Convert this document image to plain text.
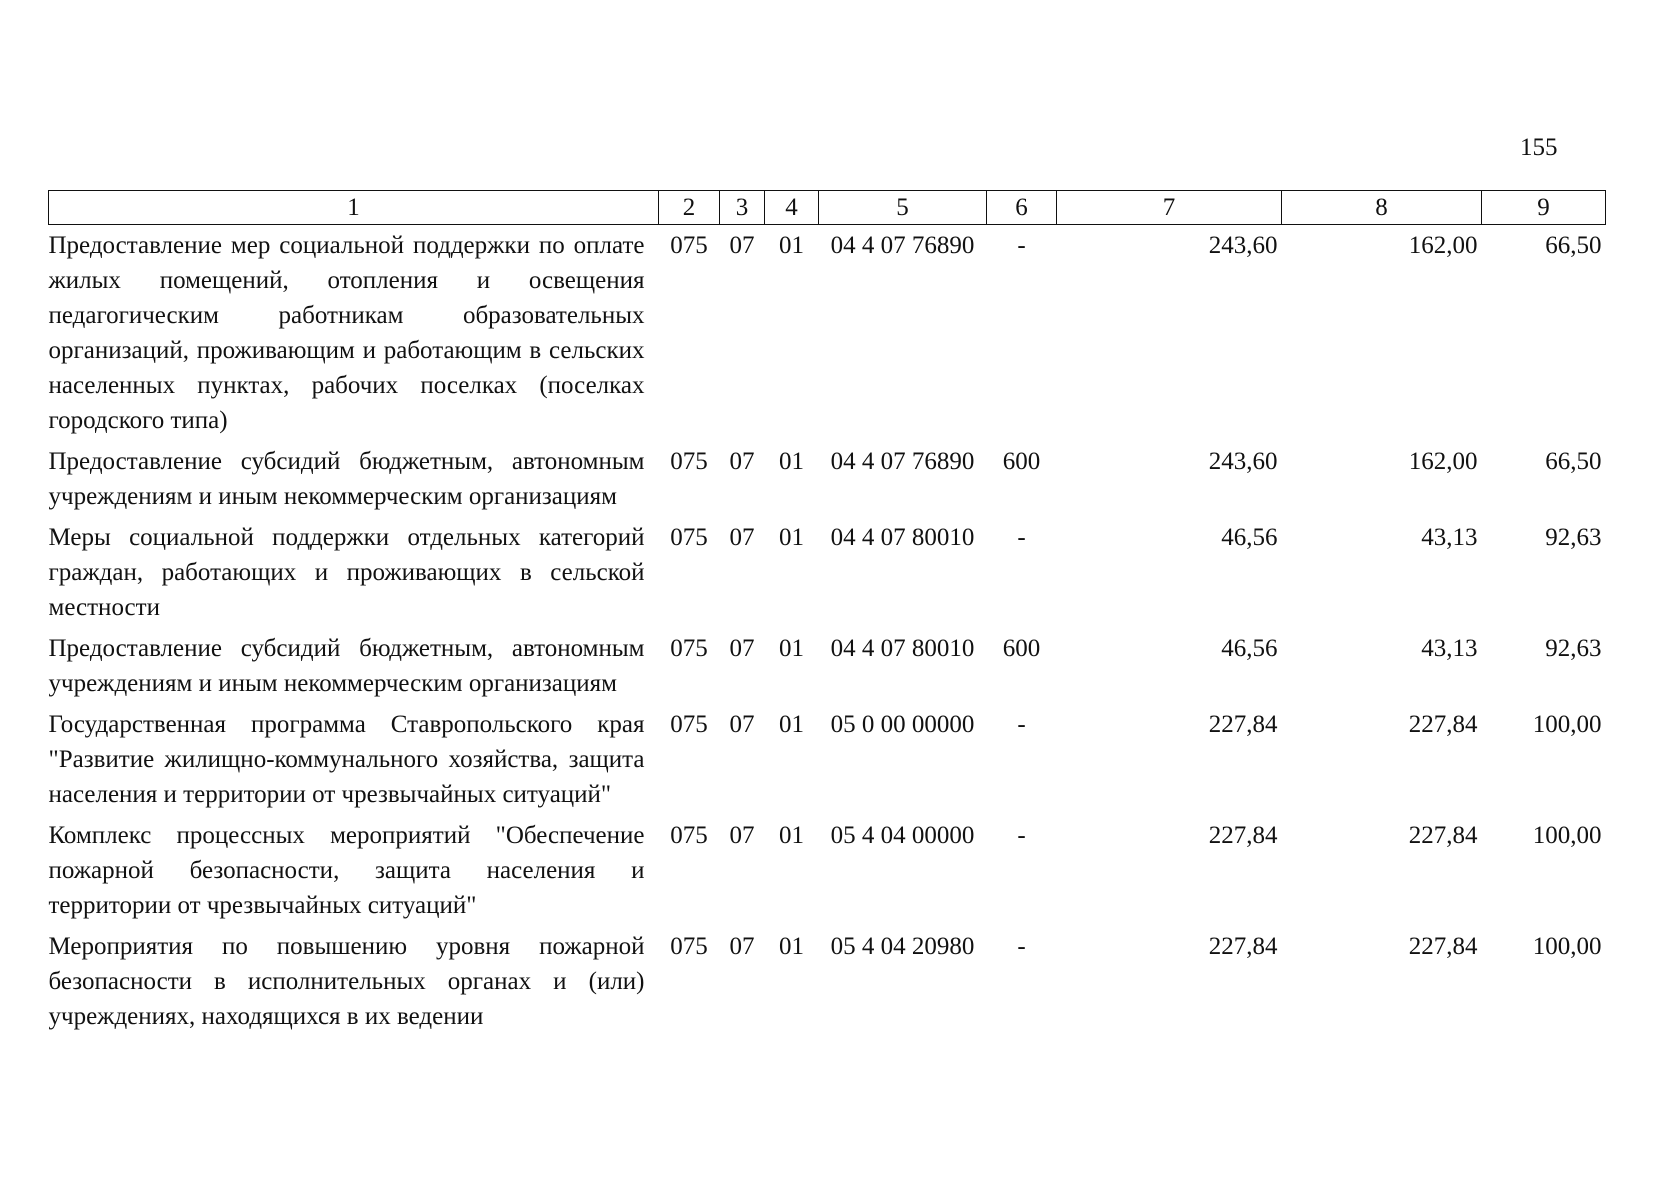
155
1	2	3	4	5	6	7	8	9
Предоставление мер социальной поддержки по оплате жилых помещений, отопления и освещения педагогическим работникам образовательных организаций, проживающим и работающим в сельских населенных пунктах, рабочих поселках (поселках городского типа)	075	07	01	04 4 07 76890	-	243,60	162,00	66,50
Предоставление субсидий бюджетным, автономным учреждениям и иным некоммерческим организациям	075	07	01	04 4 07 76890	600	243,60	162,00	66,50
Меры социальной поддержки отдельных категорий граждан, работающих и проживающих в сельской местности	075	07	01	04 4 07 80010	-	46,56	43,13	92,63
Предоставление субсидий бюджетным, автономным учреждениям и иным некоммерческим организациям	075	07	01	04 4 07 80010	600	46,56	43,13	92,63
Государственная программа Ставропольского края "Развитие жилищно-коммунального хозяйства, защита населения и территории от чрезвычайных ситуаций"	075	07	01	05 0 00 00000	-	227,84	227,84	100,00
Комплекс процессных мероприятий "Обеспечение пожарной безопасности, защита населения и территории от чрезвычайных ситуаций"	075	07	01	05 4 04 00000	-	227,84	227,84	100,00
Мероприятия по повышению уровня пожарной безопасности в исполнительных органах и (или) учреждениях, находящихся в их ведении	075	07	01	05 4 04 20980	-	227,84	227,84	100,00
